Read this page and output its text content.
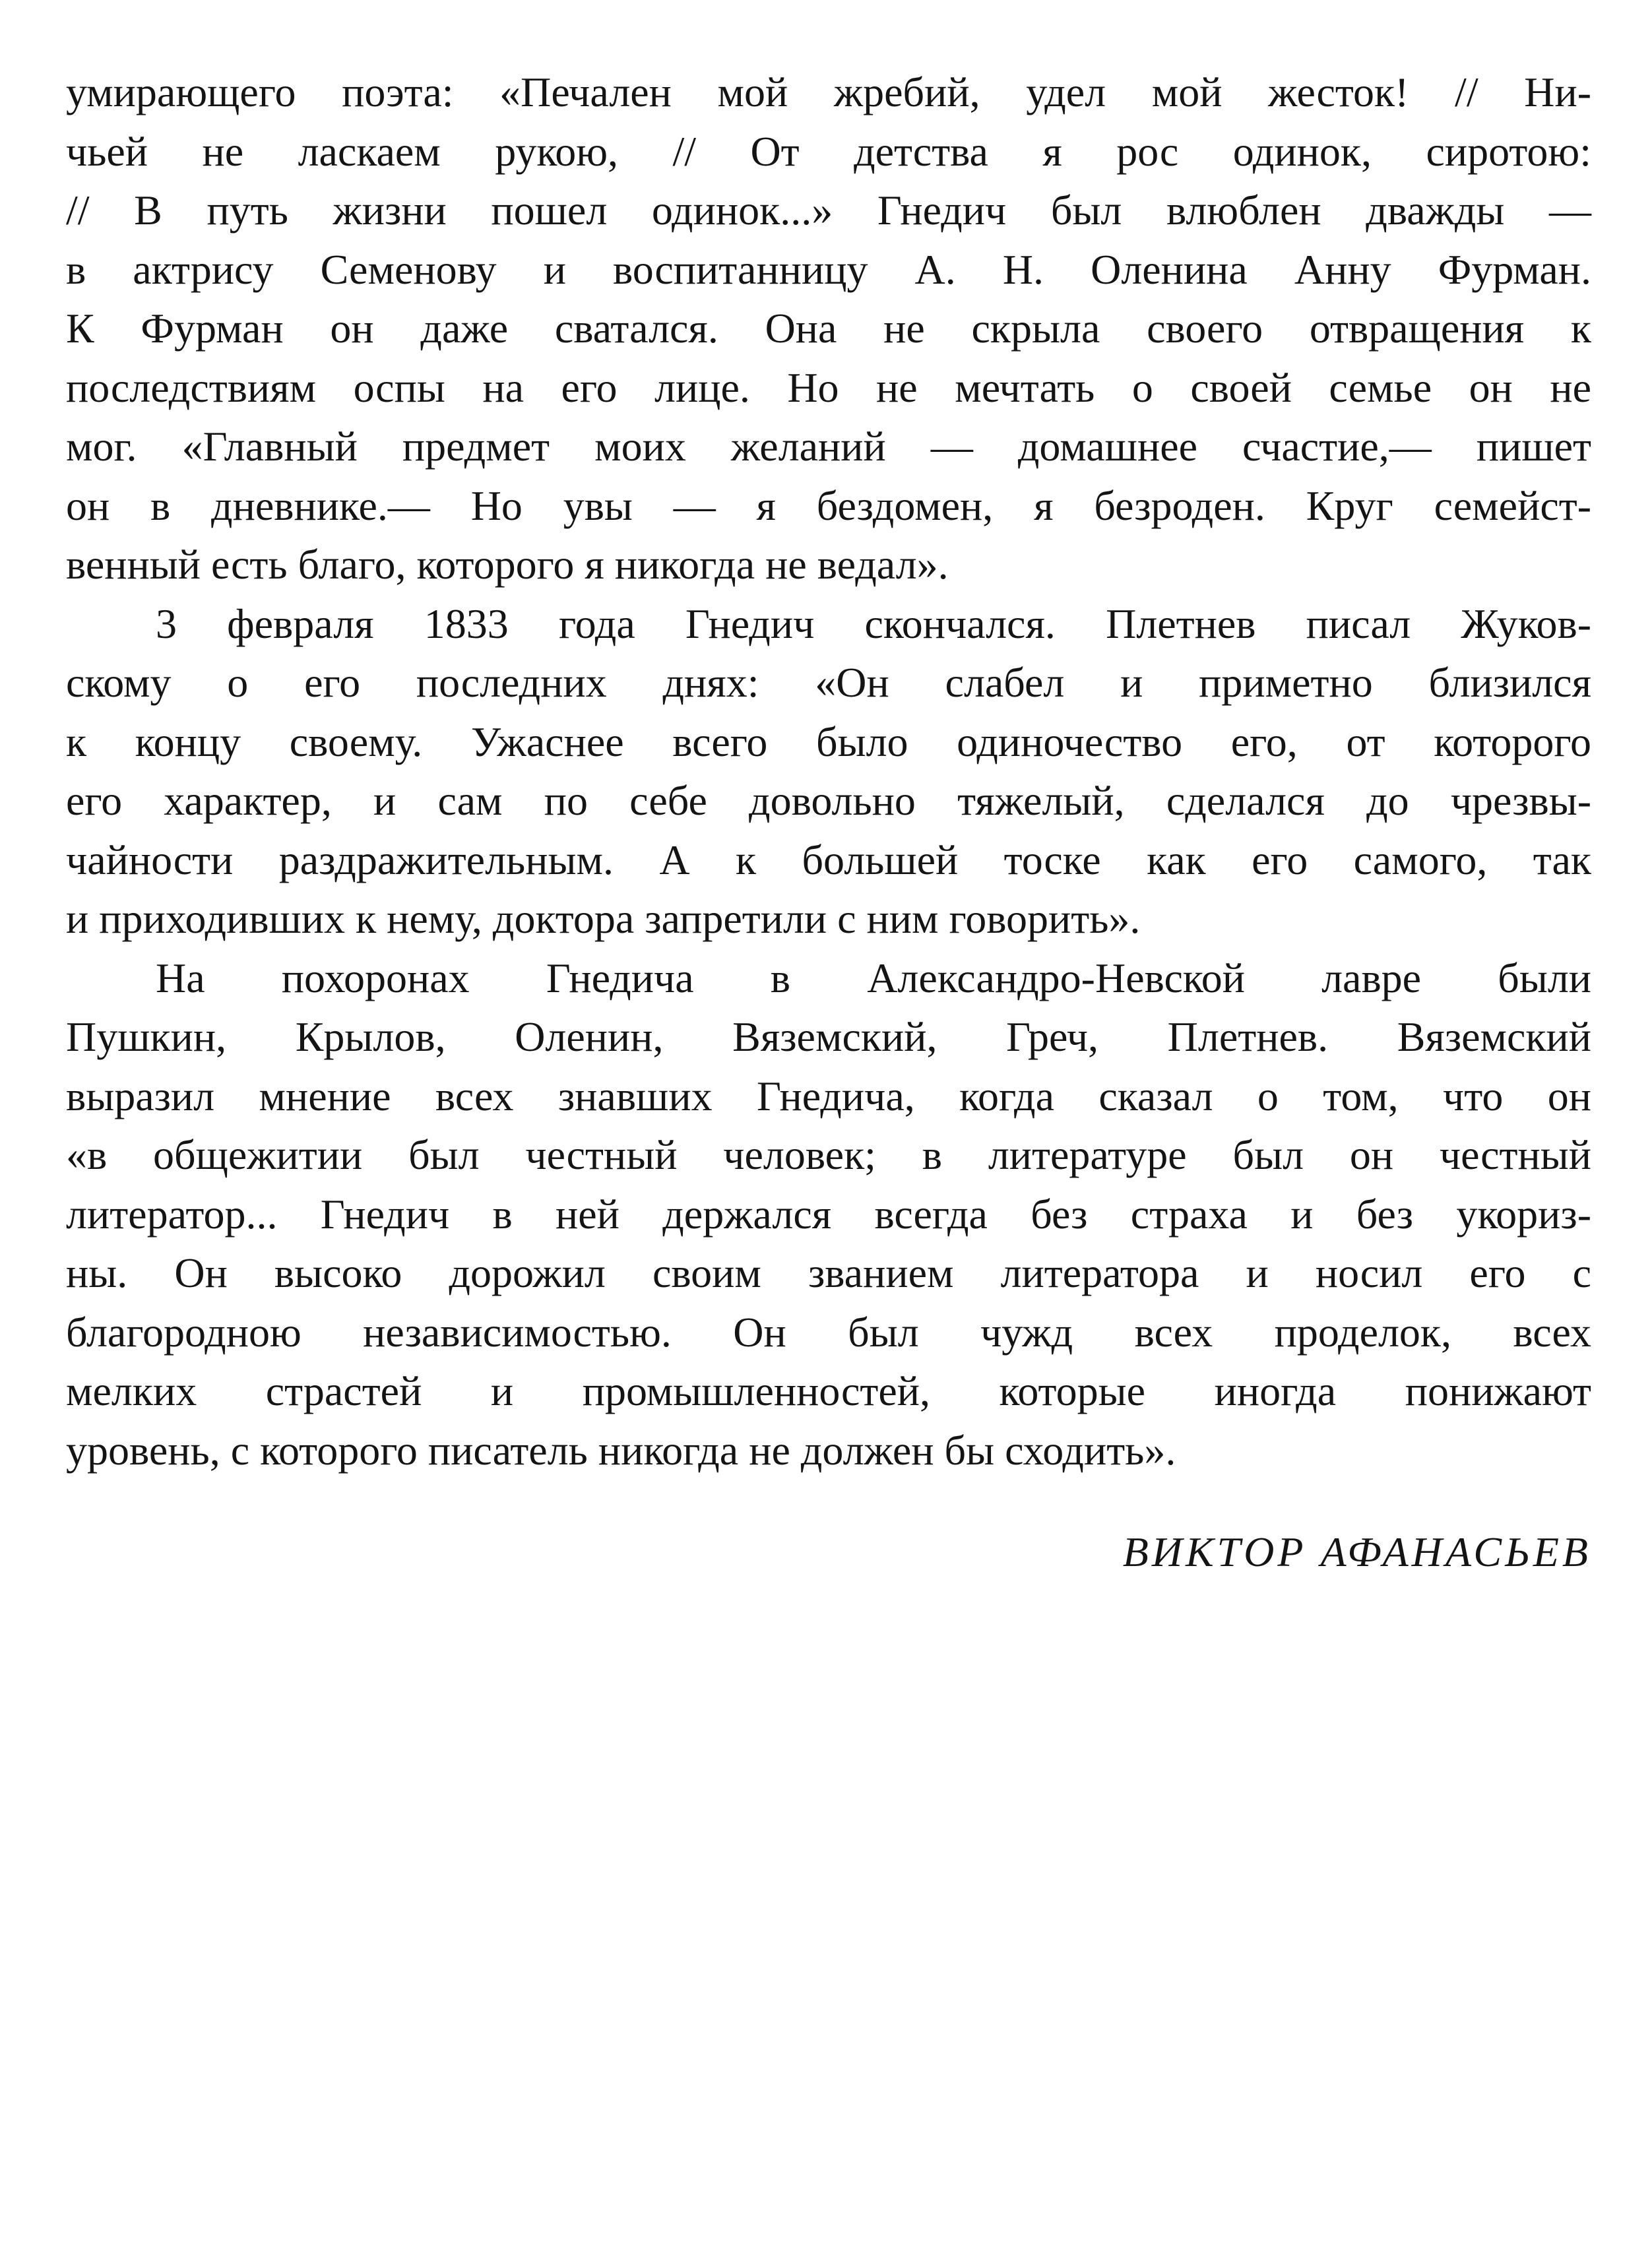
умирающего поэта: «Печален мой жребий, удел мой жесток! // Ни-
чьей не ласкаем рукою, // От детства я рос одинок, сиротою:
// В путь жизни пошел одинок...» Гнедич был влюблен дважды —
в актрису Семенову и воспитанницу А. Н. Оленина Анну Фурман.
К Фурман он даже сватался. Она не скрыла своего отвращения к
последствиям оспы на его лице. Но не мечтать о своей семье он не
мог. «Главный предмет моих желаний — домашнее счастие,— пишет
он в дневнике.— Но увы — я бездомен, я безроден. Круг семейст-
венный есть благо, которого я никогда не ведал».
3 февраля 1833 года Гнедич скончался. Плетнев писал Жуков-
скому о его последних днях: «Он слабел и приметно близился
к концу своему. Ужаснее всего было одиночество его, от которого
его характер, и сам по себе довольно тяжелый, сделался до чрезвы-
чайности раздражительным. А к большей тоске как его самого, так
и приходивших к нему, доктора запретили с ним говорить».
На похоронах Гнедича в Александро-Невской лавре были
Пушкин, Крылов, Оленин, Вяземский, Греч, Плетнев. Вяземский
выразил мнение всех знавших Гнедича, когда сказал о том, что он
«в общежитии был честный человек; в литературе был он честный
литератор... Гнедич в ней держался всегда без страха и без укориз-
ны. Он высоко дорожил своим званием литератора и носил его с
благородною независимостью. Он был чужд всех проделок, всех
мелких страстей и промышленностей, которые иногда понижают
уровень, с которого писатель никогда не должен бы сходить».
ВИКТОР АФАНАСЬЕВ
